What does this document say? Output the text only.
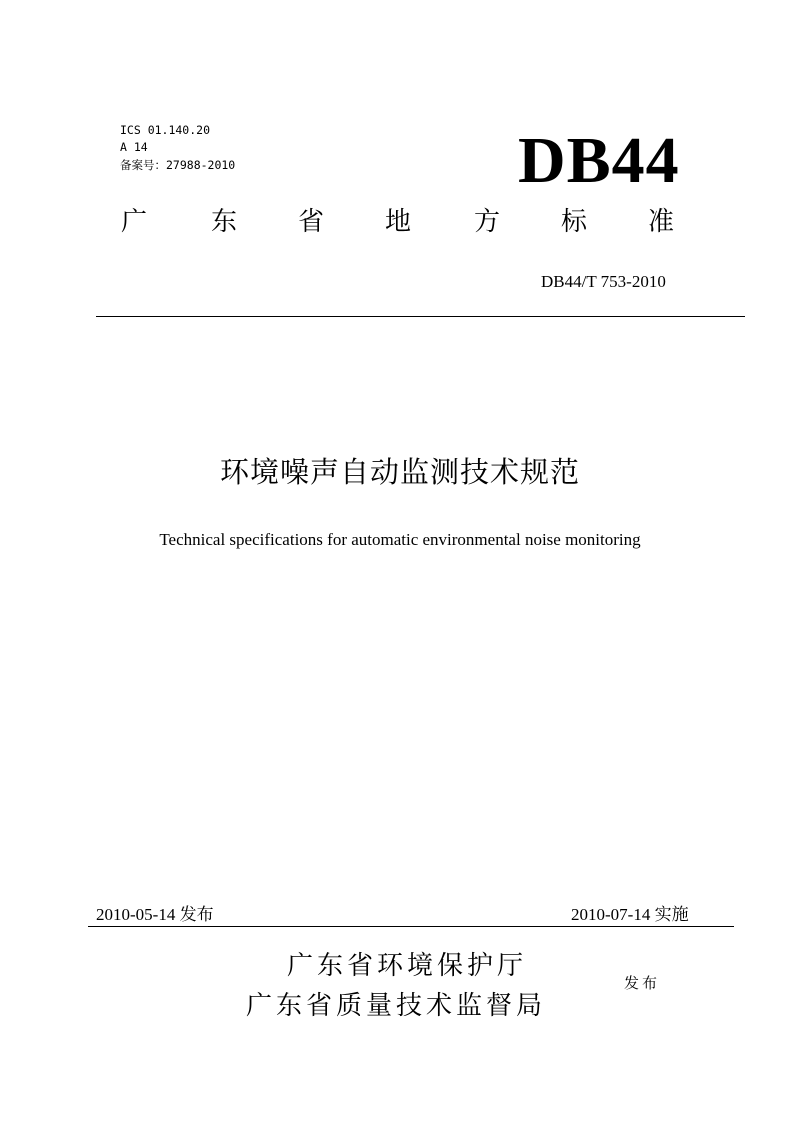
ICS 01.140.20
A 14
备案号：27988-2010	DB44
广 东 省 地 方 标 准
DB44/T 753-2010
环境噪声自动监测技术规范
Technical specifications for automatic environmental noise monitoring
2010-05-14 发布	2010-07-14 实施
广东省环境保护厅
广东省质量技术监督局
发布
